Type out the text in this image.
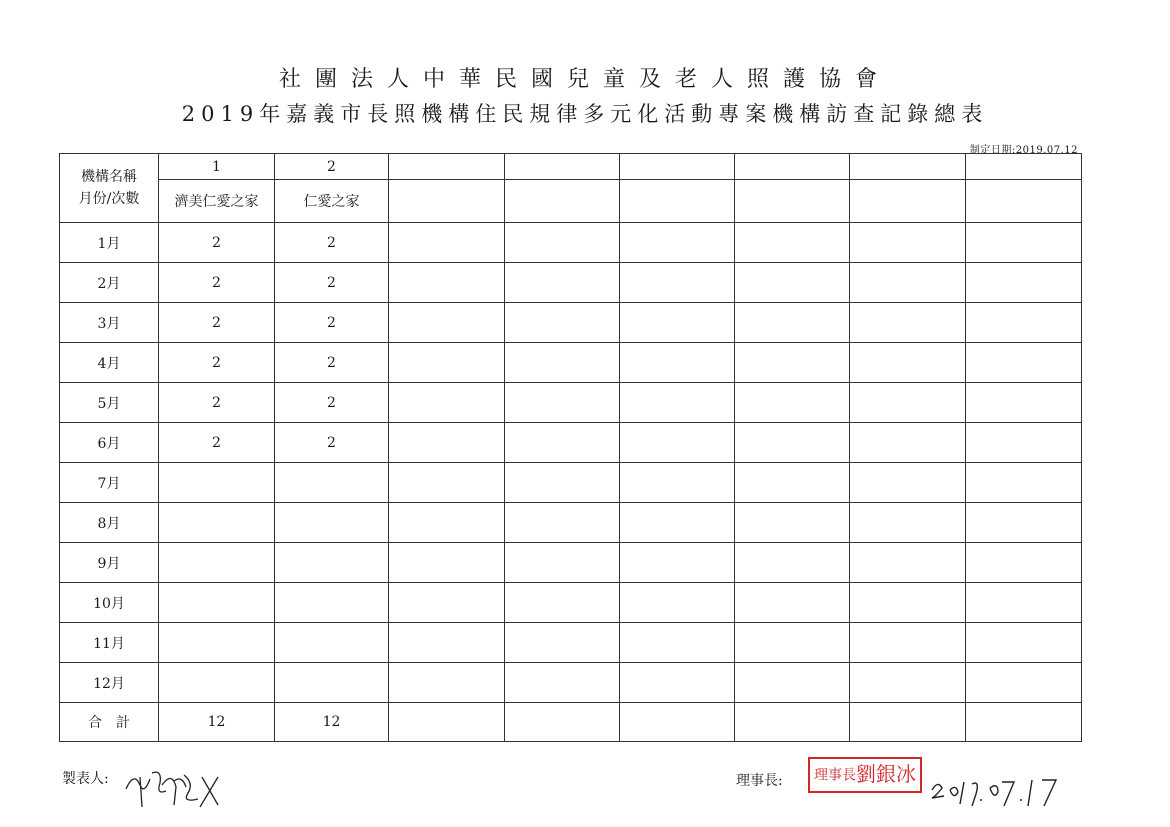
社團法人中華民國兒童及老人照護協會
2019年嘉義市長照機構住民規律多元化活動專案機構訪查記錄總表
制定日期:2019.07.12
機構名稱
月份/次數	1	2						
	濟美仁愛之家	仁愛之家						
1月	2	2						
2月	2	2						
3月	2	2						
4月	2	2						
5月	2	2						
6月	2	2						
7月								
8月								
9月								
10月								
11月								
12月								
合　計	12	12						
製表人:	理事長:	理事長劉銀冰
